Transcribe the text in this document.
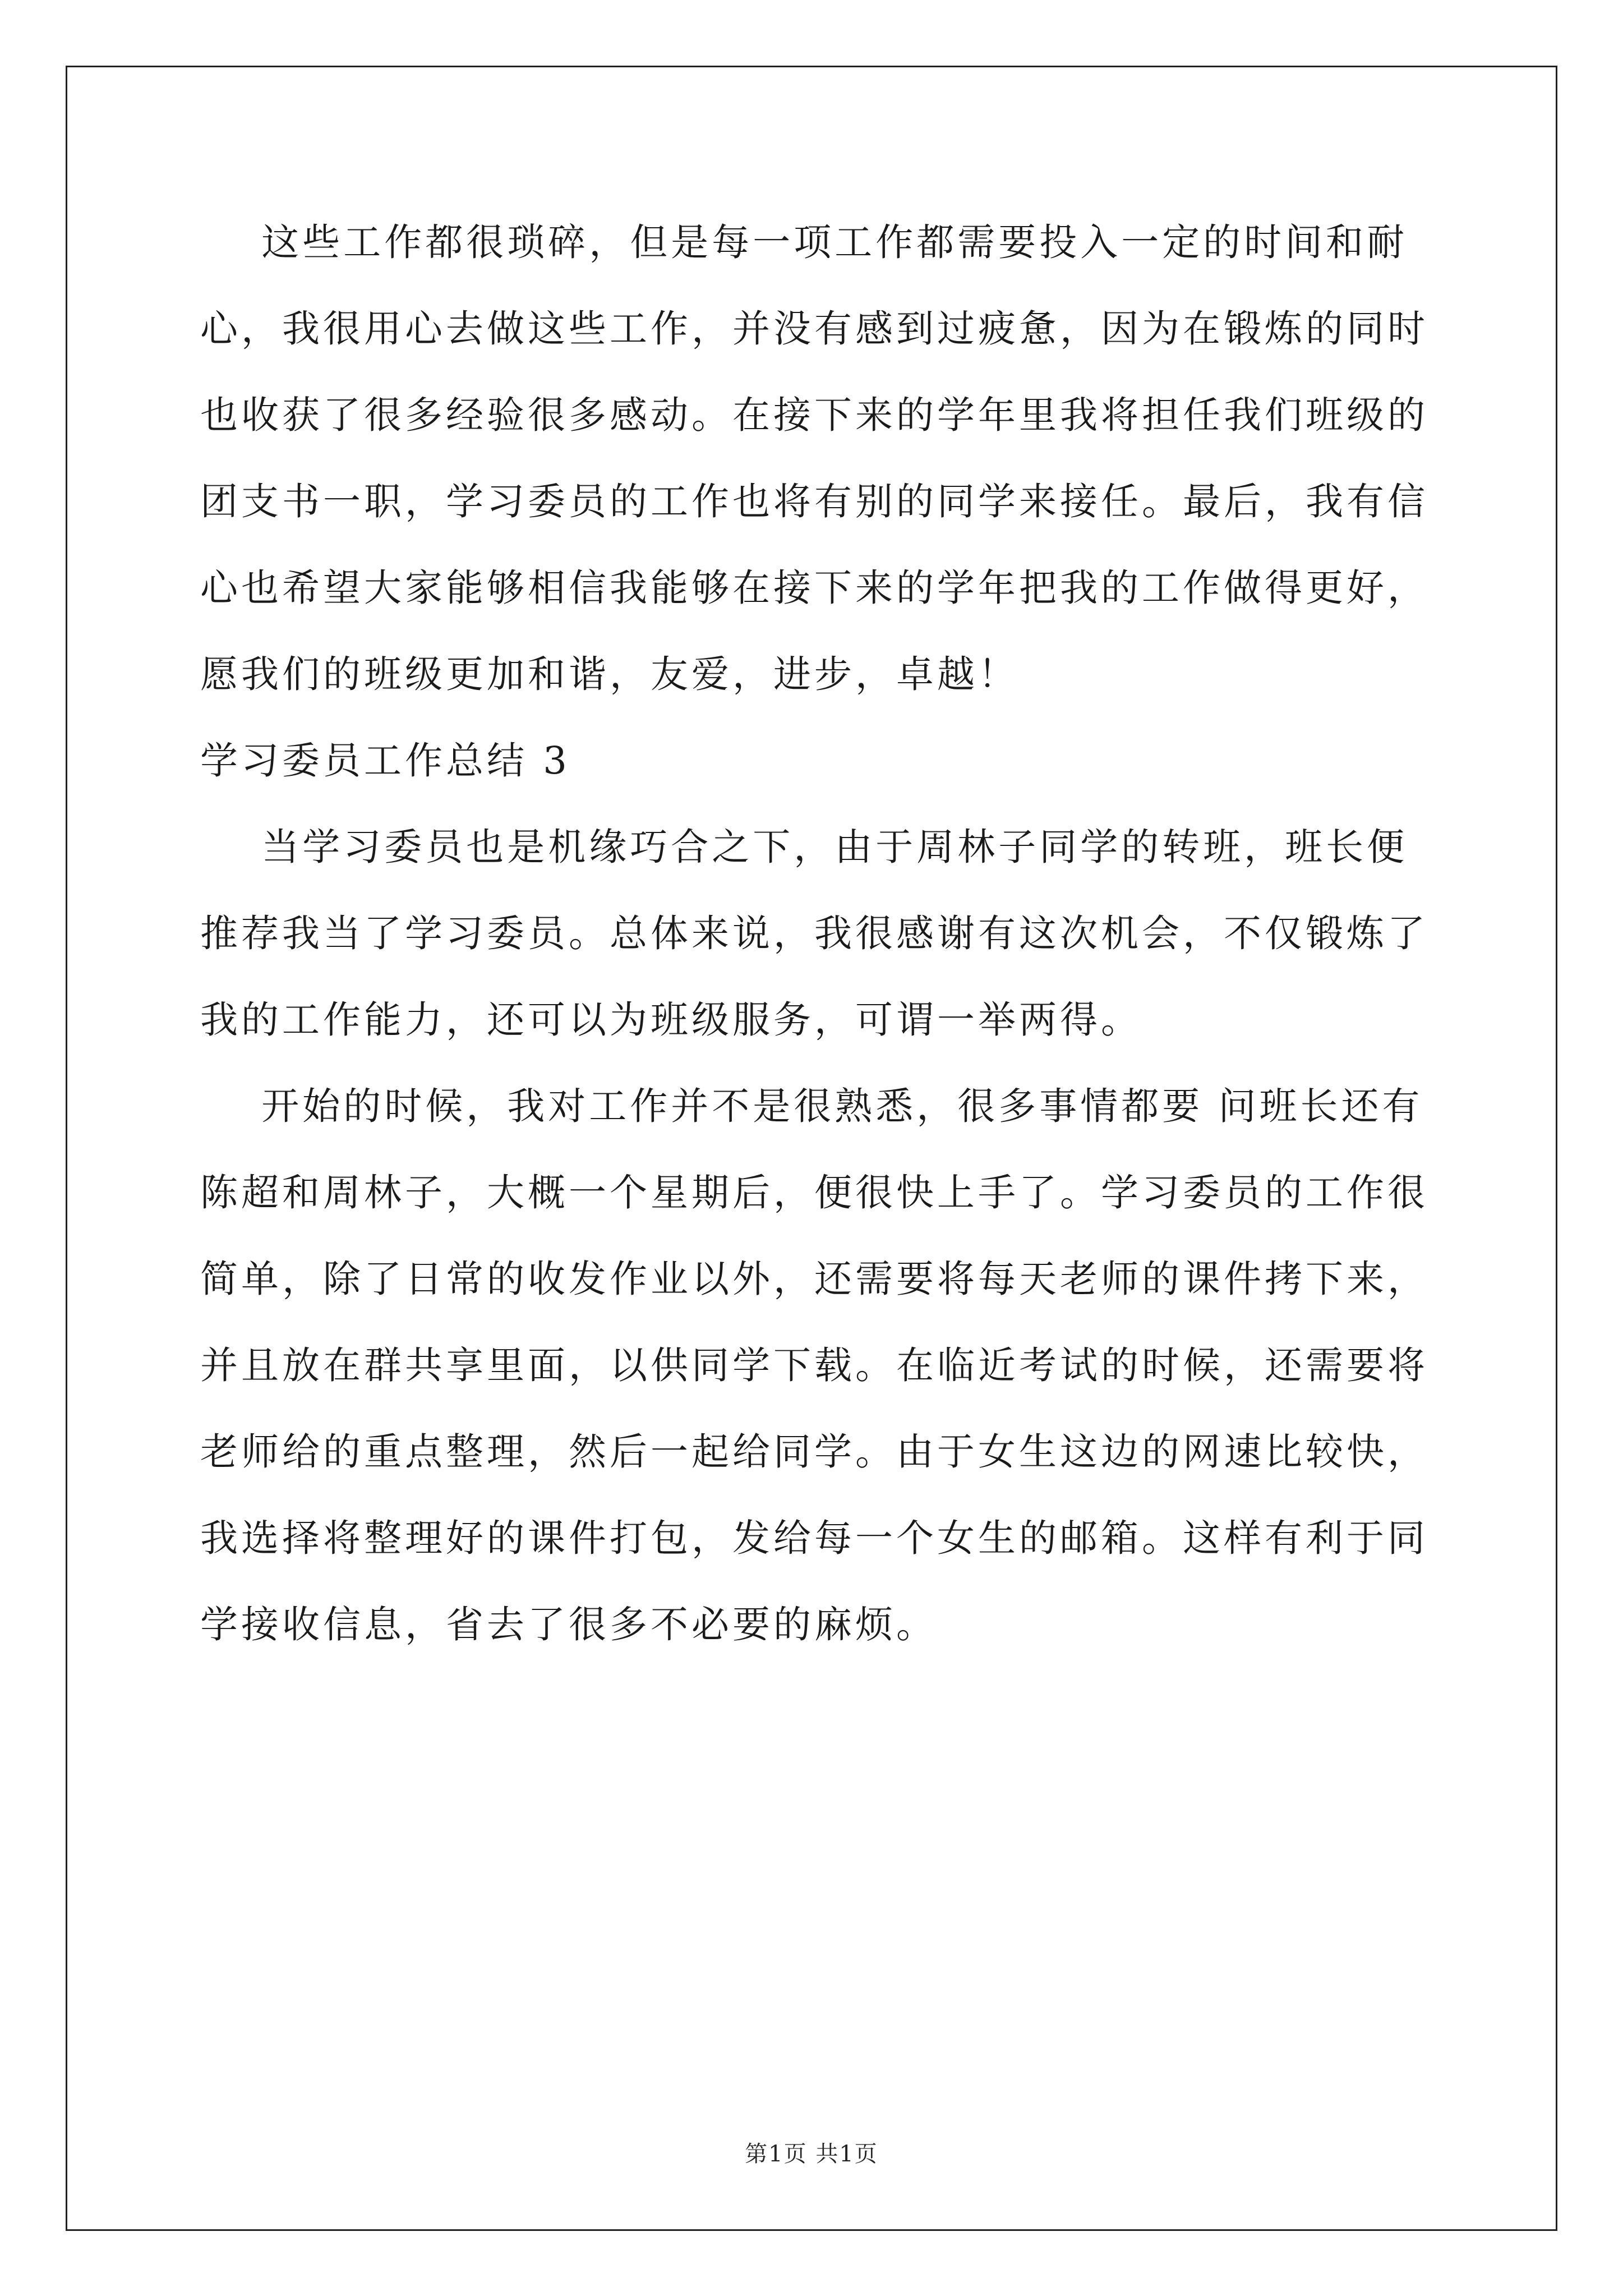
这些工作都很琐碎，但是每一项工作都需要投入一定的时间和耐
心，我很用心去做这些工作，并没有感到过疲惫，因为在锻炼的同时
也收获了很多经验很多感动。在接下来的学年里我将担任我们班级的
团支书一职，学习委员的工作也将有别的同学来接任。最后，我有信
心也希望大家能够相信我能够在接下来的学年把我的工作做得更好，
愿我们的班级更加和谐，友爱，进步，卓越！
学习委员工作总结 3
当学习委员也是机缘巧合之下，由于周林子同学的转班，班长便
推荐我当了学习委员。总体来说，我很感谢有这次机会，不仅锻炼了
我的工作能力，还可以为班级服务，可谓一举两得。
开始的时候，我对工作并不是很熟悉，很多事情都要 问班长还有
陈超和周林子，大概一个星期后，便很快上手了。学习委员的工作很
简单，除了日常的收发作业以外，还需要将每天老师的课件拷下来，
并且放在群共享里面，以供同学下载。在临近考试的时候，还需要将
老师给的重点整理，然后一起给同学。由于女生这边的网速比较快，
我选择将整理好的课件打包，发给每一个女生的邮箱。这样有利于同
学接收信息，省去了很多不必要的麻烦。
第1页 共1页
